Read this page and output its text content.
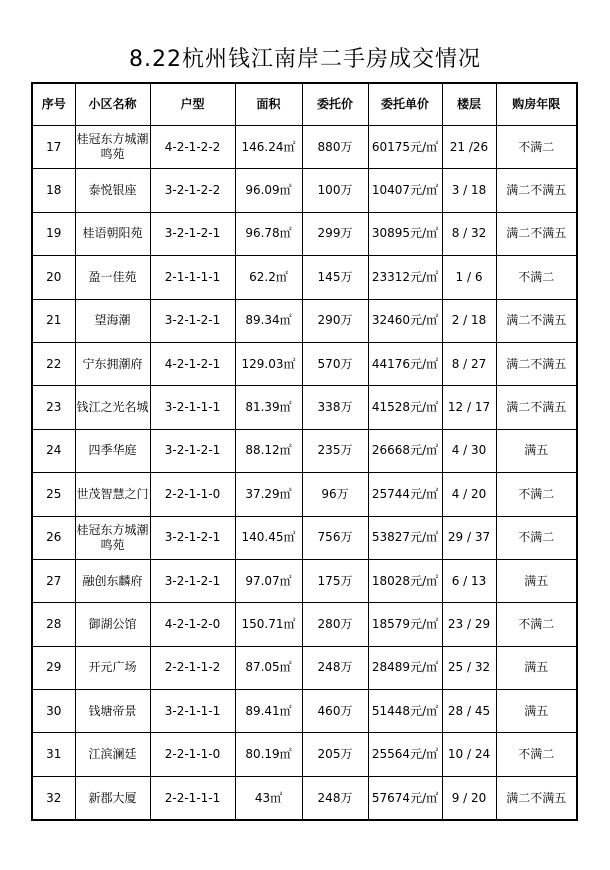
8.22杭州钱江南岸二手房成交情况
序号	小区名称	户型	面积	委托价	委托单价	楼层	购房年限
17	桂冠东方城潮鸣苑	4-2-1-2-2	146.24㎡	880万	60175元/㎡	21 /26	不满二
18	泰悦银座	3-2-1-2-2	96.09㎡	100万	10407元/㎡	3 / 18	满二不满五
19	桂语朝阳苑	3-2-1-2-1	96.78㎡	299万	30895元/㎡	8 / 32	满二不满五
20	盈一佳苑	2-1-1-1-1	62.2㎡	145万	23312元/㎡	1 / 6	不满二
21	望海潮	3-2-1-2-1	89.34㎡	290万	32460元/㎡	2 / 18	满二不满五
22	宁东拥潮府	4-2-1-2-1	129.03㎡	570万	44176元/㎡	8 / 27	满二不满五
23	钱江之光名城	3-2-1-1-1	81.39㎡	338万	41528元/㎡	12 / 17	满二不满五
24	四季华庭	3-2-1-2-1	88.12㎡	235万	26668元/㎡	4 / 30	满五
25	世茂智慧之门	2-2-1-1-0	37.29㎡	96万	25744元/㎡	4 / 20	不满二
26	桂冠东方城潮鸣苑	3-2-1-2-1	140.45㎡	756万	53827元/㎡	29 / 37	不满二
27	融创东麟府	3-2-1-2-1	97.07㎡	175万	18028元/㎡	6 / 13	满五
28	御湖公馆	4-2-1-2-0	150.71㎡	280万	18579元/㎡	23 / 29	不满二
29	开元广场	2-2-1-1-2	87.05㎡	248万	28489元/㎡	25 / 32	满五
30	钱塘帝景	3-2-1-1-1	89.41㎡	460万	51448元/㎡	28 / 45	满五
31	江滨澜廷	2-2-1-1-0	80.19㎡	205万	25564元/㎡	10 / 24	不满二
32	新郡大厦	2-2-1-1-1	43㎡	248万	57674元/㎡	9 / 20	满二不满五
